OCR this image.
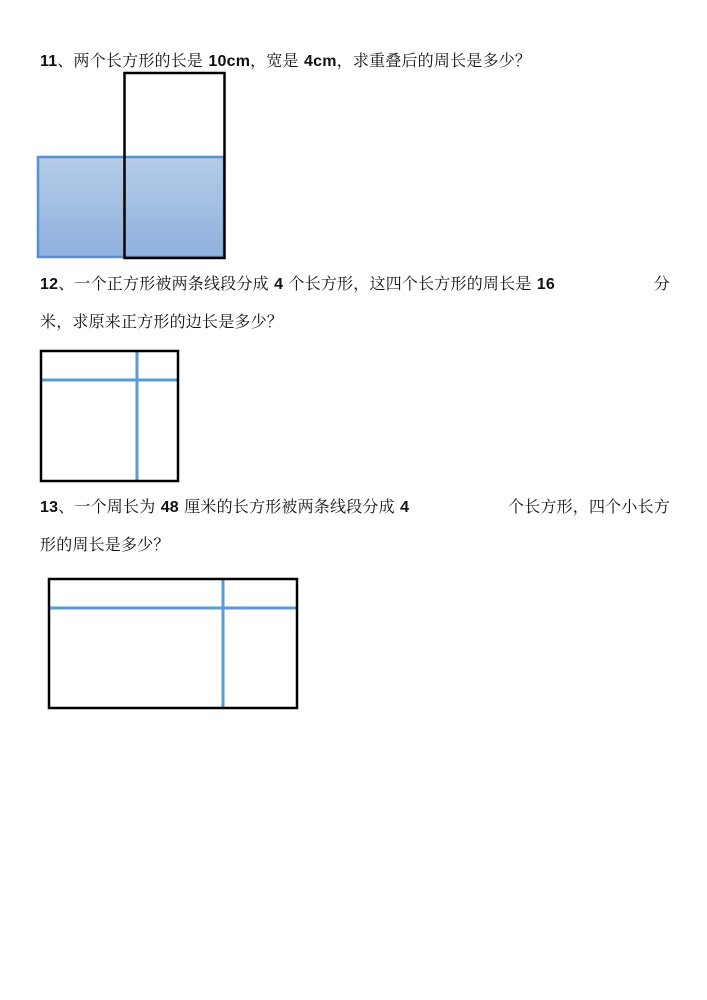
11、两个长方形的长是 10cm，宽是 4cm，求重叠后的周长是多少？
12、一个正方形被两条线段分成 4 个长方形，这四个长方形的周长是 16	分
米，求原来正方形的边长是多少？
13、一个周长为 48 厘米的长方形被两条线段分成 4	个长方形，四个小长方
形的周长是多少？
